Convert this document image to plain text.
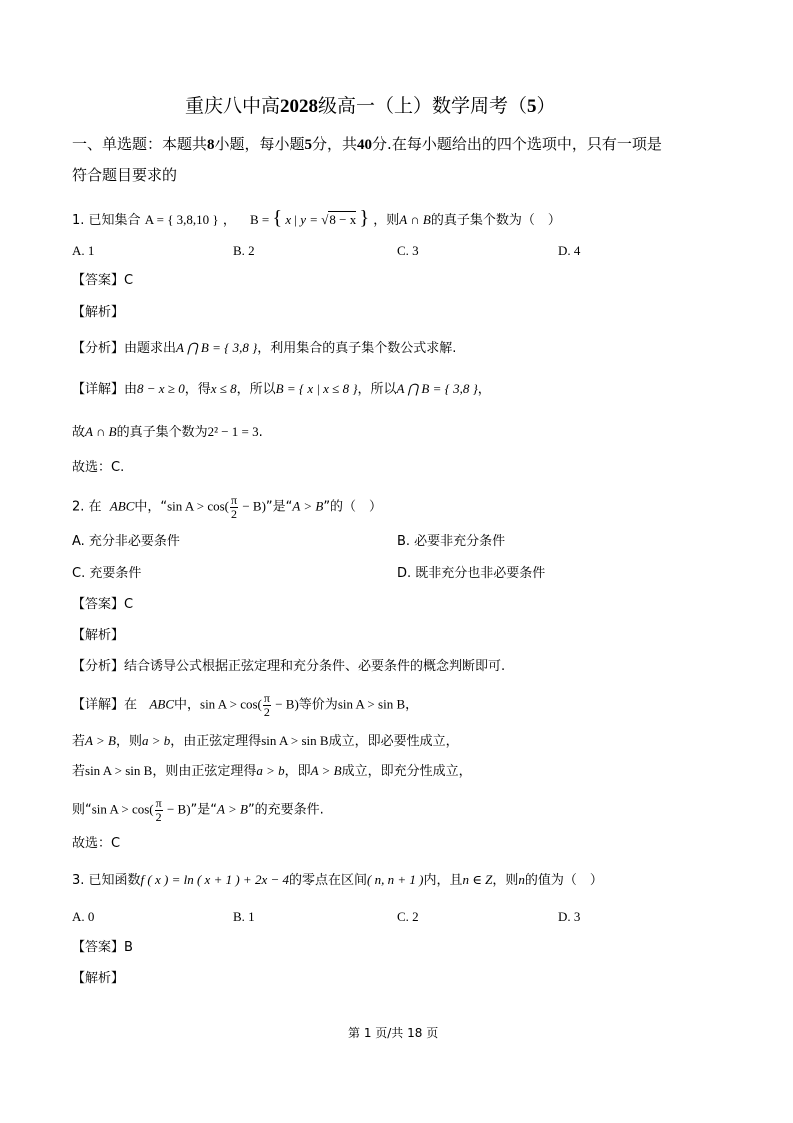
重庆八中高2028级高一（上）数学周考（5）
一、单选题：本题共8小题，每小题5分，共40分.在每小题给出的四个选项中，只有一项是
符合题目要求的
1. 已知集合 A = { 3,8,10 } ， B = { x | y = √8 − x } ，则A ∩ B的真子集个数为（　）
A. 1	B. 2	C. 3	D. 4
【答案】C
【解析】
【分析】由题求出A ⋂ B = { 3,8 }，利用集合的真子集个数公式求解.
【详解】由8 − x ≥ 0，得x ≤ 8，所以B = { x | x ≤ 8 }，所以A ⋂ B = { 3,8 }，
故A ∩ B的真子集个数为2² − 1 = 3.
故选：C.
2. 在 ABC中，“sin $A > \cos( \frac{\pi}{2} - B)$”是“A > B”的（　）
A. 充分非必要条件	B. 必要非充分条件
C. 充要条件	D. 既非充分也非必要条件
【答案】C
【解析】
【分析】结合诱导公式根据正弦定理和充分条件、必要条件的概念判断即可.
【详解】在 ABC中，$\sin A > \cos( \frac{\pi}{2} - B)$等价为sin A > sin B，
若A > B，则a > b，由正弦定理得sin A > sin B成立，即必要性成立，
若sin A > sin B，则由正弦定理得a > b，即A > B成立，即充分性成立，
则“sin $A > \cos( \frac{\pi}{2} - B)$”是“A > B”的充要条件.
故选：C
3. 已知函数f ( x ) = ln ( x + 1 ) + 2x − 4的零点在区间( n, n + 1 )内，且n ∈ Z，则n的值为（　）
A. 0	B. 1	C. 2	D. 3
【答案】B
【解析】
第 1 页/共 18 页
